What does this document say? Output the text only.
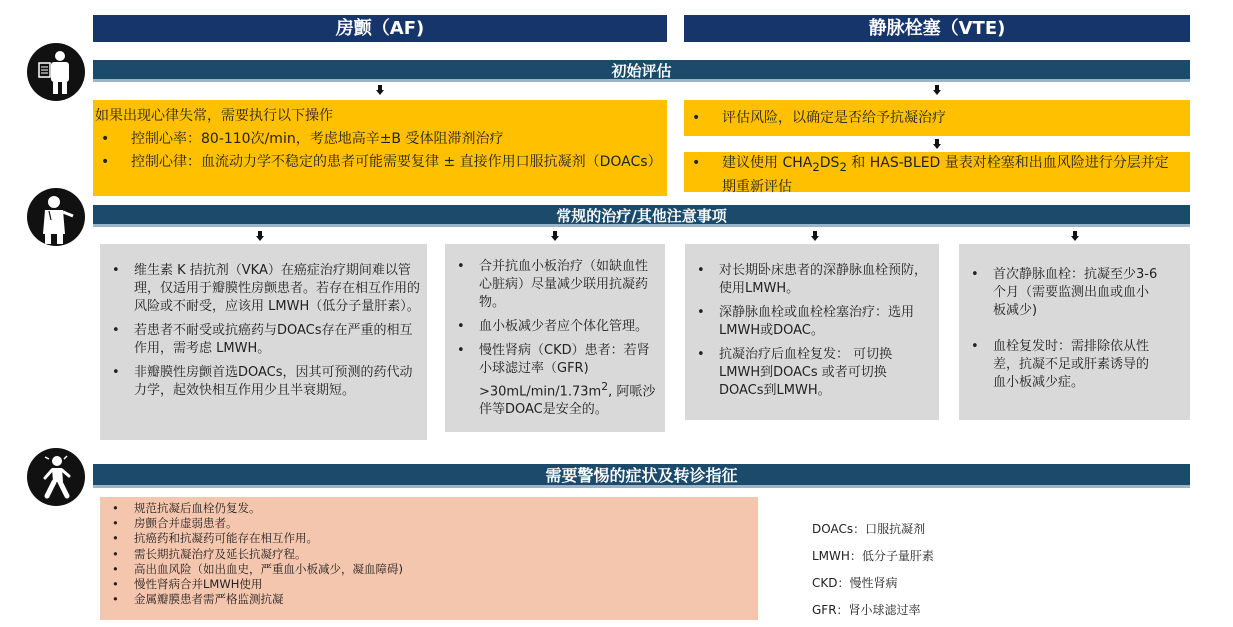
房颤（AF)	静脉栓塞（VTE)
初始评估
如果出现心律失常，需要执行以下操作
• 控制心率：80-110次/min，考虑地高辛±B 受体阻滞剂治疗
• 控制心律：血流动力学不稳定的患者可能需要复律 ± 直接作用口服抗凝剂（DOACs）
• 评估风险，以确定是否给予抗凝治疗
• 建议使用 $CHA_2DS_2$ 和 HAS-BLED 量表对栓塞和出血风险进行分层并定期重新评估
常规的治疗/其他注意事项
• 维生素 K 拮抗剂（VKA）在癌症治疗期间难以管理，仅适用于瓣膜性房颤患者。若存在相互作用的风险或不耐受，应该用 LMWH（低分子量肝素）。
• 若患者不耐受或抗癌药与DOACs存在严重的相互作用，需考虑 LMWH。
• 非瓣膜性房颤首选DOACs，因其可预测的药代动力学，起效快相互作用少且半衰期短。
• 合并抗血小板治疗（如缺血性心脏病）尽量减少联用抗凝药物。
• 血小板减少者应个体化管理。
• 慢性肾病（CKD）患者：若肾小球滤过率$(GFR) >30mL/\min/1.73m^2$, 阿哌沙伴等DOAC是安全的。
• 对长期卧床患者的深静脉血栓预防，使用LMWH。
• 深静脉血栓或血栓栓塞治疗：选用LMWH或DOAC。
• 抗凝治疗后血栓复发： 可切换LMWH到DOACs 或者可切换DOACs到LMWH。
• 首次静脉血栓：抗凝至少3-6个月（需要监测出血或血小板减少)
• 血栓复发时：需排除依从性差，抗凝不足或肝素诱导的血小板减少症。
需要警惕的症状及转诊指征
• 规范抗凝后血栓仍复发。
• 房颤合并虚弱患者。
• 抗癌药和抗凝药可能存在相互作用。
• 需长期抗凝治疗及延长抗凝疗程。
• 高出血风险（如出血史，严重血小板减少，凝血障碍)
• 慢性肾病合并LMWH使用
• 金属瓣膜患者需严格监测抗凝
DOACs：口服抗凝剂
LMWH：低分子量肝素
CKD：慢性肾病
GFR：肾小球滤过率
